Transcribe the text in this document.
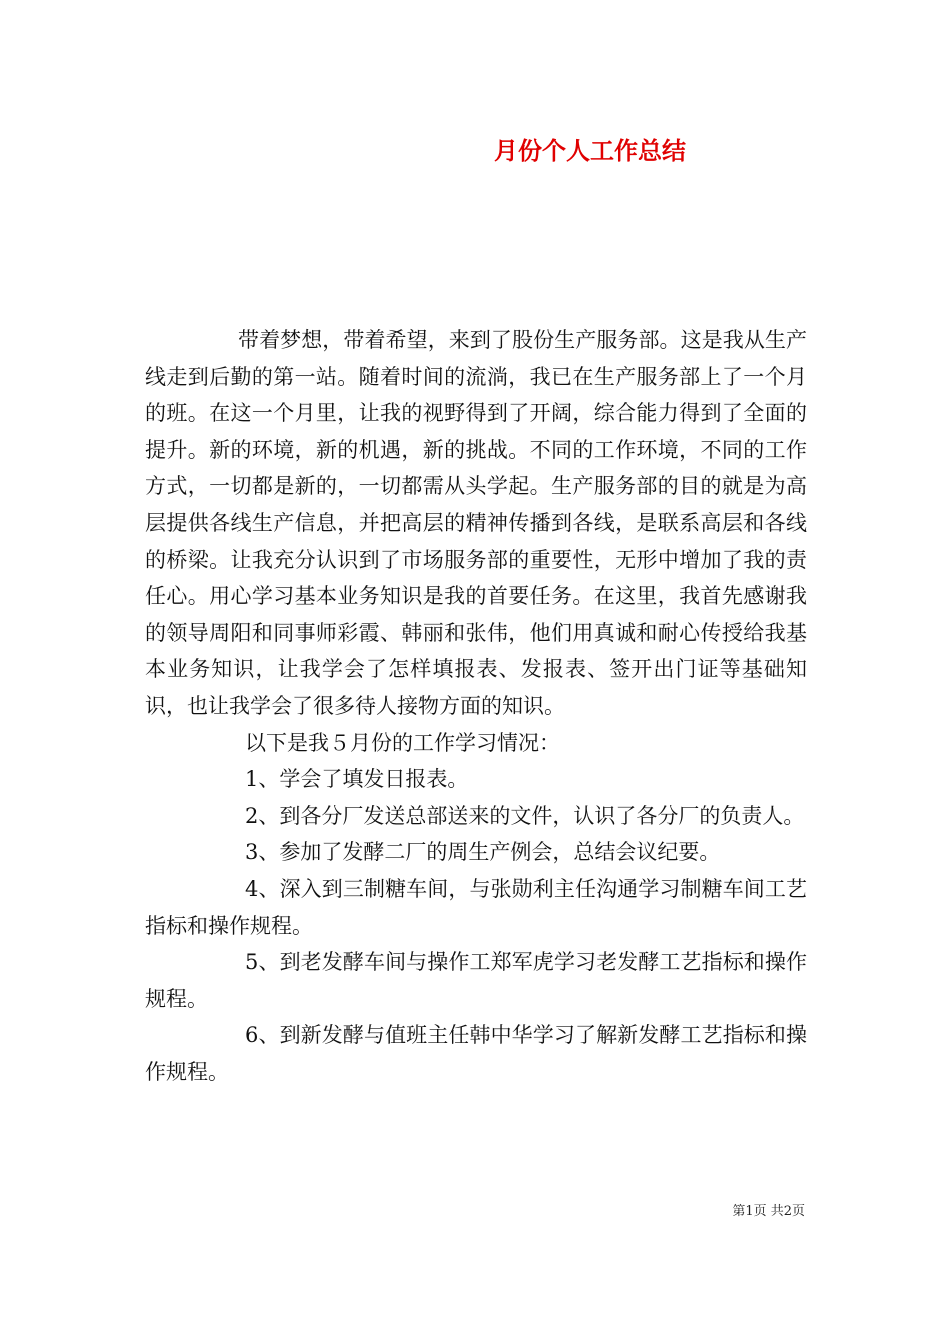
月份个人工作总结

带着梦想，带着希望，来到了股份生产服务部。这是我从生产线走到后勤的第一站。随着时间的流淌，我已在生产服务部上了一个月的班。在这一个月里，让我的视野得到了开阔，综合能力得到了全面的提升。新的环境，新的机遇，新的挑战。不同的工作环境，不同的工作方式，一切都是新的，一切都需从头学起。生产服务部的目的就是为高层提供各线生产信息，并把高层的精神传播到各线，是联系高层和各线的桥梁。让我充分认识到了市场服务部的重要性，无形中增加了我的责任心。用心学习基本业务知识是我的首要任务。在这里，我首先感谢我的领导周阳和同事师彩霞、韩丽和张伟，他们用真诚和耐心传授给我基本业务知识，让我学会了怎样填报表、发报表、签开出门证等基础知识，也让我学会了很多待人接物方面的知识。

以下是我５月份的工作学习情况：

1、学会了填发日报表。

2、到各分厂发送总部送来的文件，认识了各分厂的负责人。

3、参加了发酵二厂的周生产例会，总结会议纪要。

4、深入到三制糖车间，与张勋利主任沟通学习制糖车间工艺指标和操作规程。

5、到老发酵车间与操作工郑军虎学习老发酵工艺指标和操作规程。

6、到新发酵与值班主任韩中华学习了解新发酵工艺指标和操作规程。

第1页 共2页
